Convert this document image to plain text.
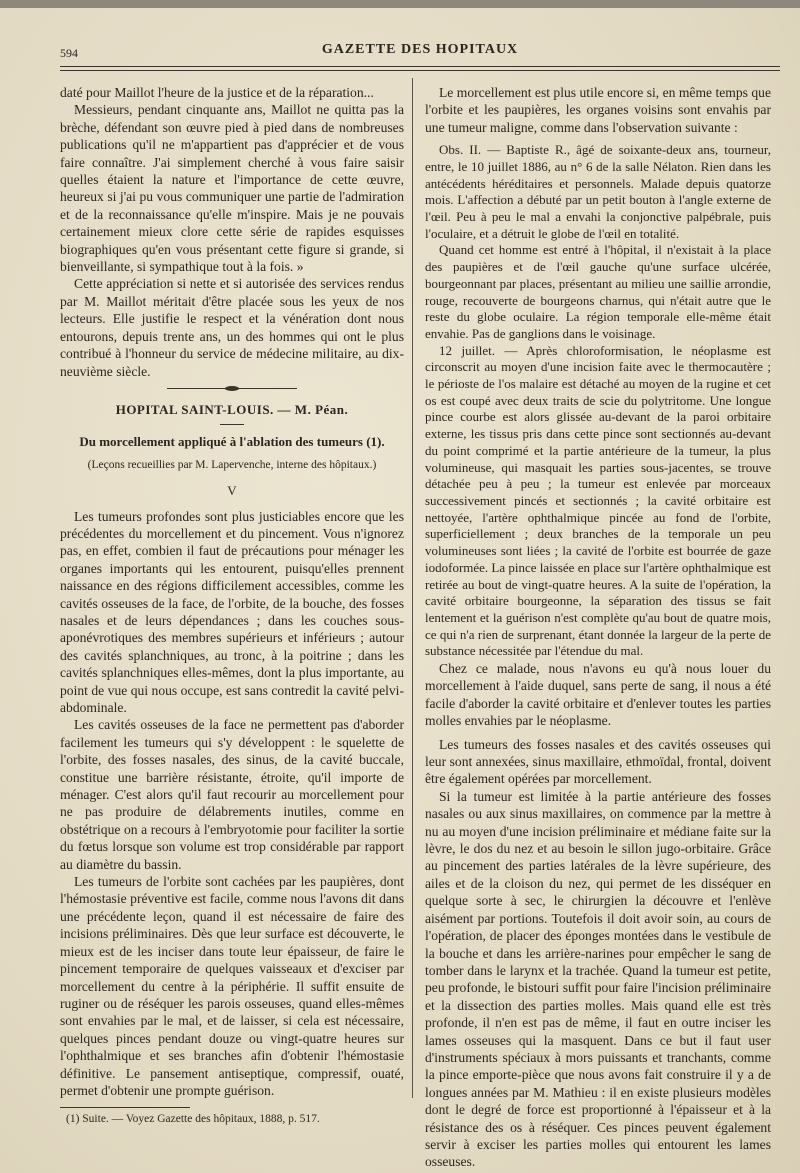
594	GAZETTE DES HOPITAUX

daté pour Maillot l'heure de la justice et de la réparation...

Messieurs, pendant cinquante ans, Maillot ne quitta pas la brèche, défendant son œuvre pied à pied dans de nombreuses publications qu'il ne m'appartient pas d'apprécier et de vous faire connaître. J'ai simplement cherché à vous faire saisir quelles étaient la nature et l'importance de cette œuvre, heureux si j'ai pu vous communiquer une partie de l'admiration et de la reconnaissance qu'elle m'inspire. Mais je ne pouvais certainement mieux clore cette série de rapides esquisses biographiques qu'en vous présentant cette figure si grande, si bienveillante, si sympathique tout à la fois. »

Cette appréciation si nette et si autorisée des services rendus par M. Maillot méritait d'être placée sous les yeux de nos lecteurs. Elle justifie le respect et la vénération dont nous entourons, depuis trente ans, un des hommes qui ont le plus contribué à l'honneur du service de médecine militaire, au dix-neuvième siècle.

HOPITAL SAINT-LOUIS. — M. Péan.
Du morcellement appliqué à l'ablation des tumeurs (1).
(Leçons recueillies par M. Lapervenche, interne des hôpitaux.)
V

Les tumeurs profondes sont plus justiciables encore que les précédentes du morcellement et du pincement. Vous n'ignorez pas, en effet, combien il faut de précautions pour ménager les organes importants qui les entourent, puisqu'elles prennent naissance en des régions difficilement accessibles, comme les cavités osseuses de la face, de l'orbite, de la bouche, des fosses nasales et de leurs dépendances ; dans les couches sous-aponévrotiques des membres supérieurs et inférieurs ; autour des cavités splanchniques, au tronc, à la poitrine ; dans les cavités splanchniques elles-mêmes, dont la plus importante, au point de vue qui nous occupe, est sans contredit la cavité pelvi-abdominale.

Les cavités osseuses de la face ne permettent pas d'aborder facilement les tumeurs qui s'y développent : le squelette de l'orbite, des fosses nasales, des sinus, de la cavité buccale, constitue une barrière résistante, étroite, qu'il importe de ménager. C'est alors qu'il faut recourir au morcellement pour ne pas produire de délabrements inutiles, comme en obstétrique on a recours à l'embryotomie pour faciliter la sortie du fœtus lorsque son volume est trop considérable par rapport au diamètre du bassin.

Les tumeurs de l'orbite sont cachées par les paupières, dont l'hémostasie préventive est facile, comme nous l'avons dit dans une précédente leçon, quand il est nécessaire de faire des incisions préliminaires. Dès que leur surface est découverte, le mieux est de les inciser dans toute leur épaisseur, de faire le pincement temporaire de quelques vaisseaux et d'exciser par morcellement du centre à la périphérie. Il suffit ensuite de ruginer ou de réséquer les parois osseuses, quand elles-mêmes sont envahies par le mal, et de laisser, si cela est nécessaire, quelques pinces pendant douze ou vingt-quatre heures sur l'ophthalmique et ses branches afin d'obtenir l'hémostasie définitive. Le pansement antiseptique, compressif, ouaté, permet d'obtenir une prompte guérison.

(1) Suite. — Voyez Gazette des hôpitaux, 1888, p. 517.

Le morcellement est plus utile encore si, en même temps que l'orbite et les paupières, les organes voisins sont envahis par une tumeur maligne, comme dans l'observation suivante :

Obs. II. — Baptiste R., âgé de soixante-deux ans, tourneur, entre, le 10 juillet 1886, au n° 6 de la salle Nélaton. Rien dans les antécédents héréditaires et personnels. Malade depuis quatorze mois. L'affection a débuté par un petit bouton à l'angle externe de l'œil. Peu à peu le mal a envahi la conjonctive palpébrale, puis l'oculaire, et a détruit le globe de l'œil en totalité.

Quand cet homme est entré à l'hôpital, il n'existait à la place des paupières et de l'œil gauche qu'une surface ulcérée, bourgeonnant par places, présentant au milieu une saillie arrondie, rouge, recouverte de bourgeons charnus, qui n'était autre que le reste du globe oculaire. La région temporale elle-même était envahie. Pas de ganglions dans le voisinage.

12 juillet. — Après chloroformisation, le néoplasme est circonscrit au moyen d'une incision faite avec le thermocautère ; le périoste de l'os malaire est détaché au moyen de la rugine et cet os est coupé avec deux traits de scie du polytritome. Une longue pince courbe est alors glissée au-devant de la paroi orbitaire externe, les tissus pris dans cette pince sont sectionnés au-devant du point comprimé et la partie antérieure de la tumeur, la plus volumineuse, qui masquait les parties sous-jacentes, se trouve détachée peu à peu ; la tumeur est enlevée par morceaux successivement pincés et sectionnés ; la cavité orbitaire est nettoyée, l'artère ophthalmique pincée au fond de l'orbite, superficiellement ; deux branches de la temporale un peu volumineuses sont liées ; la cavité de l'orbite est bourrée de gaze iodoformée. La pince laissée en place sur l'artère ophthalmique est retirée au bout de vingt-quatre heures. A la suite de l'opération, la cavité orbitaire bourgeonne, la séparation des tissus se fait lentement et la guérison n'est complète qu'au bout de quatre mois, ce qui n'a rien de surprenant, étant donnée la largeur de la perte de substance nécessitée par l'étendue du mal.

Chez ce malade, nous n'avons eu qu'à nous louer du morcellement à l'aide duquel, sans perte de sang, il nous a été facile d'aborder la cavité orbitaire et d'enlever toutes les parties molles envahies par le néoplasme.

Les tumeurs des fosses nasales et des cavités osseuses qui leur sont annexées, sinus maxillaire, ethmoïdal, frontal, doivent être également opérées par morcellement.

Si la tumeur est limitée à la partie antérieure des fosses nasales ou aux sinus maxillaires, on commence par la mettre à nu au moyen d'une incision préliminaire et médiane faite sur la lèvre, le dos du nez et au besoin le sillon jugo-orbitaire. Grâce au pincement des parties latérales de la lèvre supérieure, des ailes et de la cloison du nez, qui permet de les disséquer en quelque sorte à sec, le chirurgien la découvre et l'enlève aisément par portions. Toutefois il doit avoir soin, au cours de l'opération, de placer des éponges montées dans le vestibule de la bouche et dans les arrière-narines pour empêcher le sang de tomber dans le larynx et la trachée. Quand la tumeur est petite, peu profonde, le bistouri suffit pour faire l'incision préliminaire et la dissection des parties molles. Mais quand elle est très profonde, il n'en est pas de même, il faut en outre inciser les lames osseuses qui la masquent. Dans ce but il faut user d'instruments spéciaux à mors puissants et tranchants, comme la pince emporte-pièce que nous avons fait construire il y a de longues années par M. Mathieu : il en existe plusieurs modèles dont le degré de force est proportionné à l'épaisseur et à la résistance des os à réséquer. Ces pinces peuvent également servir à exciser les parties molles qui entourent les lames osseuses.
